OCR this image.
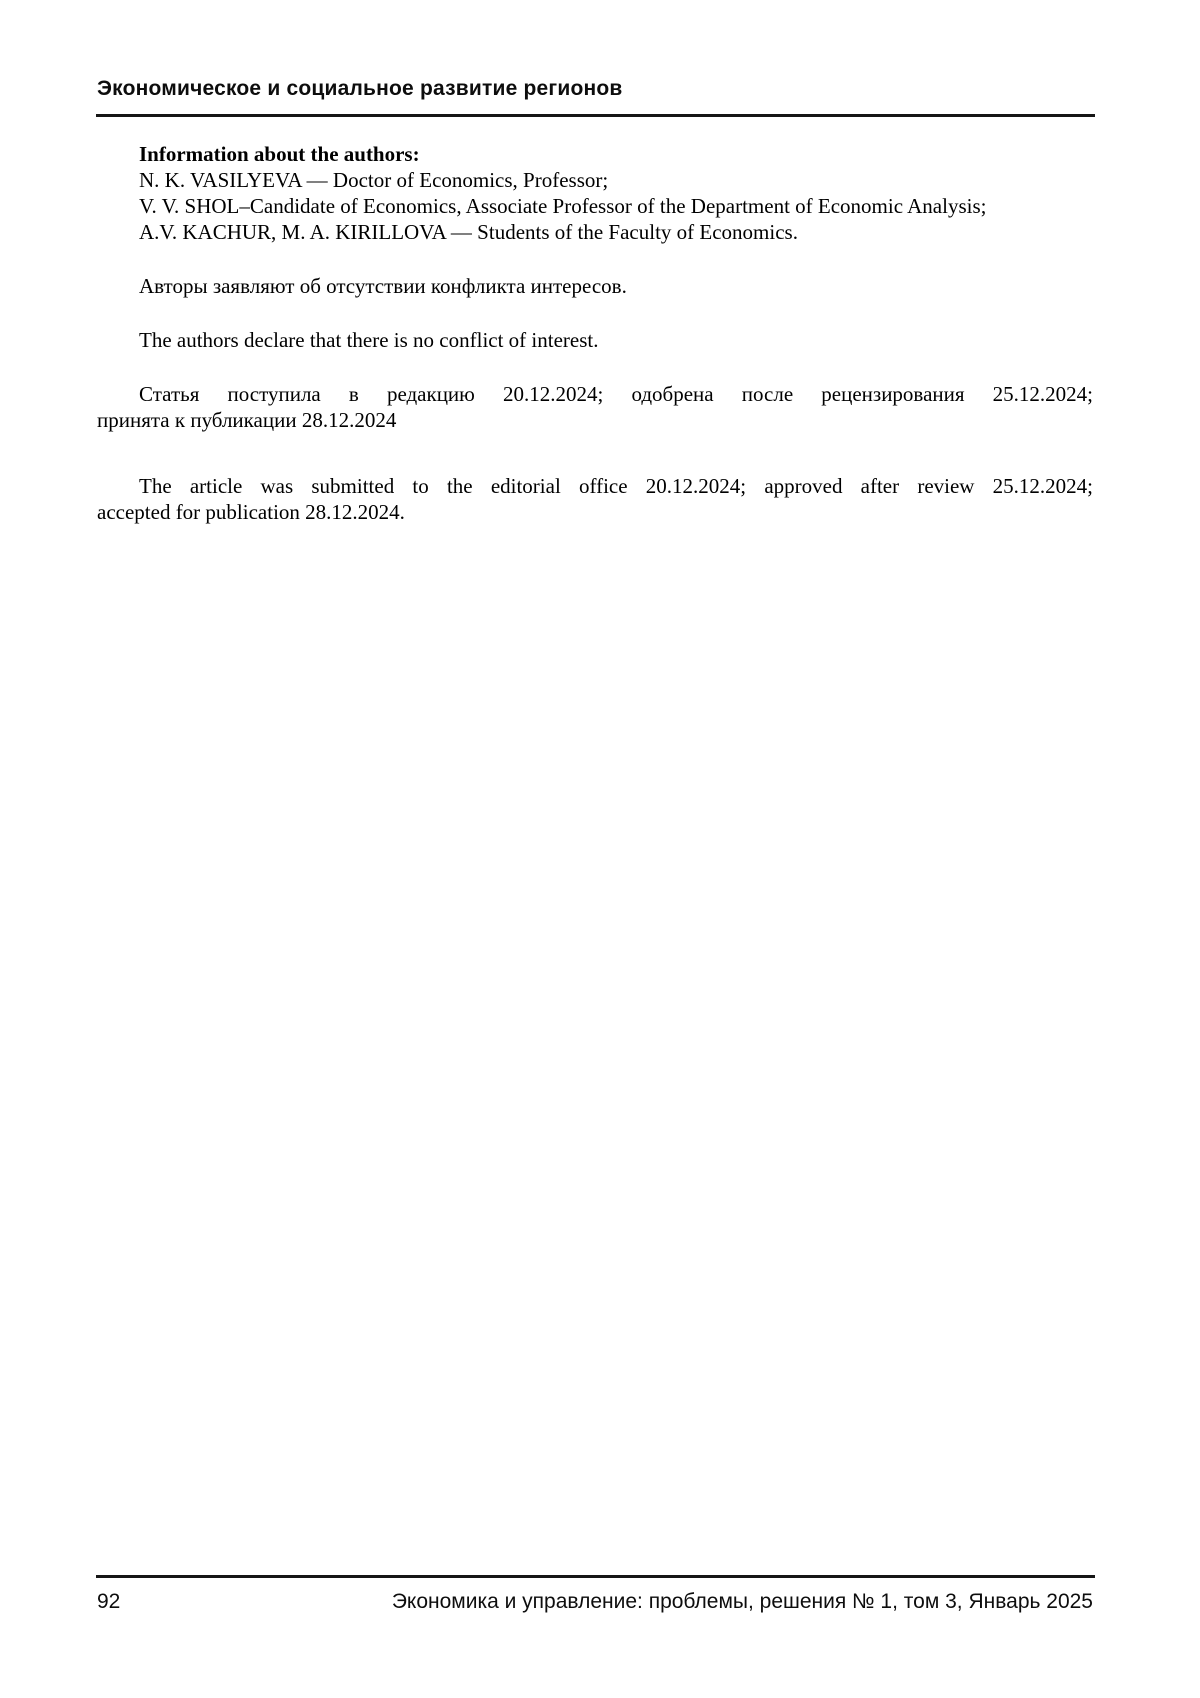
Экономическое и социальное развитие регионов
Information about the authors:
N. K. VASILYEVA — Doctor of Economics, Professor;
V. V. SHOL–Candidate of Economics, Associate Professor of the Department of Economic Analysis;
A.V. KACHUR, M. A. KIRILLOVA — Students of the Faculty of Economics.
Авторы заявляют об отсутствии конфликта интересов.
The authors declare that there is no conflict of interest.
Статья поступила в редакцию 20.12.2024; одобрена после рецензирования 25.12.2024;
принята к публикации 28.12.2024
The article was submitted to the editorial office 20.12.2024; approved after review 25.12.2024;
accepted for publication 28.12.2024.
92	Экономика и управление: проблемы, решения № 1, том 3, Январь 2025
